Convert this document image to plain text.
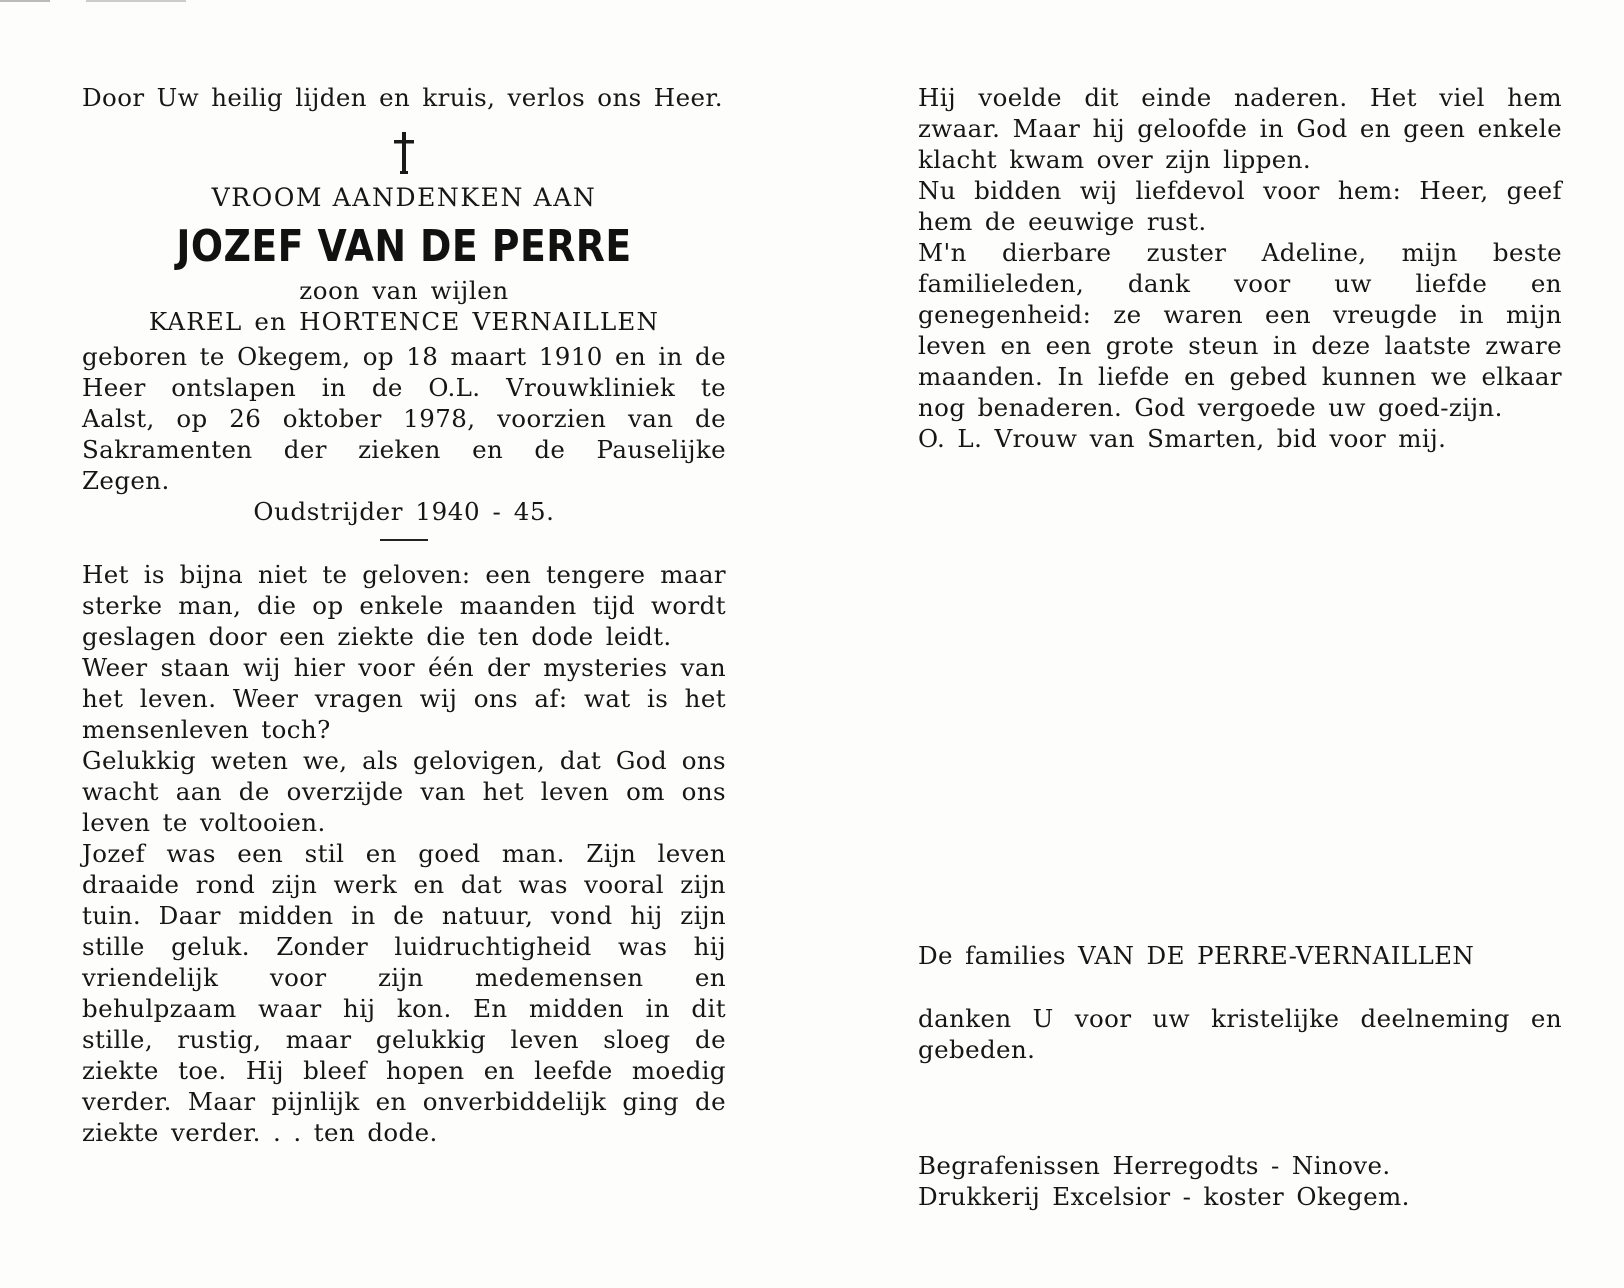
Door Uw heilig lijden en kruis, verlos ons Heer.

VROOM AANDENKEN AAN

JOZEF VAN DE PERRE

zoon van wijlen

KAREL en HORTENCE VERNAILLEN

geboren te Okegem, op 18 maart 1910 en in de Heer ontslapen in de O.L. Vrouwkliniek te Aalst, op 26 oktober 1978, voorzien van de Sakramenten der zieken en de Pauselijke Zegen.

Oudstrijder 1940 - 45.

Het is bijna niet te geloven: een tengere maar sterke man, die op enkele maanden tijd wordt geslagen door een ziekte die ten dode leidt.

Weer staan wij hier voor één der mysteries van het leven. Weer vragen wij ons af: wat is het mensenleven toch?

Gelukkig weten we, als gelovigen, dat God ons wacht aan de overzijde van het leven om ons leven te voltooien.

Jozef was een stil en goed man. Zijn leven draaide rond zijn werk en dat was vooral zijn tuin. Daar midden in de natuur, vond hij zijn stille geluk. Zonder luidruchtigheid was hij vriendelijk voor zijn medemensen en behulpzaam waar hij kon. En midden in dit stille, rustig, maar gelukkig leven sloeg de ziekte toe. Hij bleef hopen en leefde moedig verder. Maar pijnlijk en onverbiddelijk ging de ziekte verder. . . ten dode.

Hij voelde dit einde naderen. Het viel hem zwaar. Maar hij geloofde in God en geen enkele klacht kwam over zijn lippen.

Nu bidden wij liefdevol voor hem: Heer, geef hem de eeuwige rust.

M'n dierbare zuster Adeline, mijn beste familieleden, dank voor uw liefde en genegenheid: ze waren een vreugde in mijn leven en een grote steun in deze laatste zware maanden. In liefde en gebed kunnen we elkaar nog benaderen. God vergoede uw goed-zijn.

O. L. Vrouw van Smarten, bid voor mij.

De families VAN DE PERRE-VERNAILLEN

danken U voor uw kristelijke deelneming en gebeden.

Begrafenissen Herregodts - Ninove.

Drukkerij Excelsior - koster Okegem.
